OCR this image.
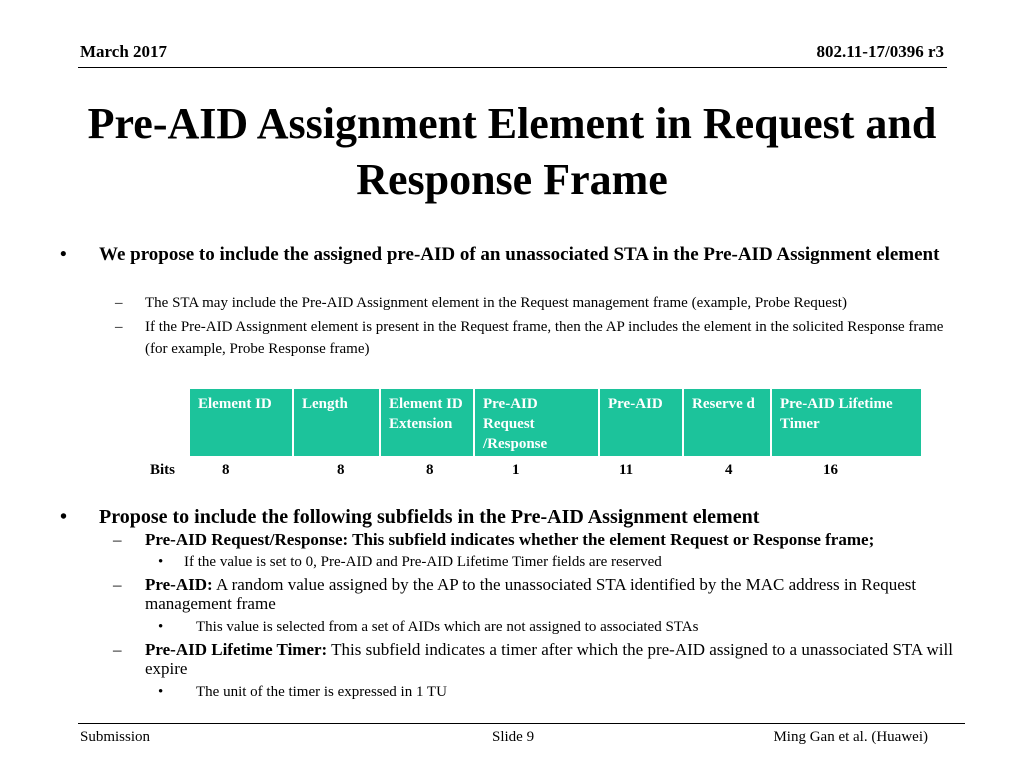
March 2017	802.11-17/0396 r3
Pre-AID Assignment Element in Request and
Response Frame
• We propose to include the assigned pre-AID of an unassociated STA in the Pre-AID Assignment element
– The STA may include the Pre-AID Assignment element in the Request management frame (example, Probe Request)
– If the Pre-AID Assignment element is present in the Request frame, then the AP includes the element in the solicited Response frame (for example, Probe Response frame)
Element ID	Length	Element ID Extension	Pre-AID Request /Response	Pre-AID	Reserve d	Pre-AID Lifetime Timer
Bits	8	8	8	1	11	4	16
• Propose to include the following subfields in the Pre-AID Assignment element
– Pre-AID Request/Response: This subfield indicates whether the element Request or Response frame;
• If the value is set to 0, Pre-AID and Pre-AID Lifetime Timer fields are reserved
– Pre-AID: A random value assigned by the AP to the unassociated STA identified by the MAC address in Request management frame
• This value is selected from a set of AIDs which are not assigned to associated STAs
– Pre-AID Lifetime Timer: This subfield indicates a timer after which the pre-AID assigned to a unassociated STA will expire
• The unit of the timer is expressed in 1 TU
Submission	Slide 9	Ming Gan et al. (Huawei)
